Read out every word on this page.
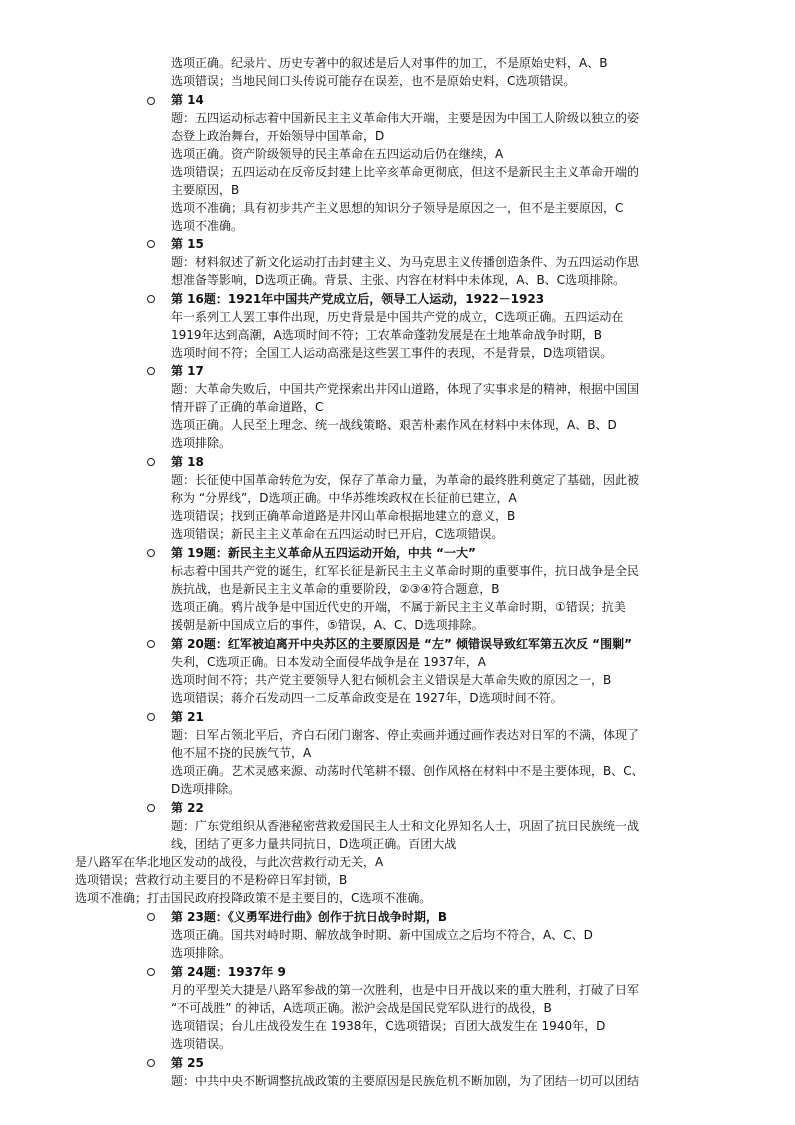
选项正确。纪录片、历史专著中的叙述是后人对事件的加工，不是原始史料，A、B
选项错误；当地民间口头传说可能存在误差，也不是原始史料，C选项错误。
第 14
题：五四运动标志着中国新民主主义革命伟大开端，主要是因为中国工人阶级以独立的姿
态登上政治舞台，开始领导中国革命，D
选项正确。资产阶级领导的民主革命在五四运动后仍在继续，A
选项错误；五四运动在反帝反封建上比辛亥革命更彻底，但这不是新民主主义革命开端的
主要原因，B
选项不准确；具有初步共产主义思想的知识分子领导是原因之一，但不是主要原因，C
选项不准确。
第 15
题：材料叙述了新文化运动打击封建主义、为马克思主义传播创造条件、为五四运动作思
想准备等影响，D选项正确。背景、主张、内容在材料中未体现，A、B、C选项排除。
第 16题：1921年中国共产党成立后，领导工人运动，1922－1923
年一系列工人罢工事件出现，历史背景是中国共产党的成立，C选项正确。五四运动在
1919年达到高潮，A选项时间不符；工农革命蓬勃发展是在土地革命战争时期，B
选项时间不符；全国工人运动高涨是这些罢工事件的表现，不是背景，D选项错误。
第 17
题：大革命失败后，中国共产党探索出井冈山道路，体现了实事求是的精神，根据中国国
情开辟了正确的革命道路，C
选项正确。人民至上理念、统一战线策略、艰苦朴素作风在材料中未体现，A、B、D
选项排除。
第 18
题：长征使中国革命转危为安，保存了革命力量，为革命的最终胜利奠定了基础，因此被
称为 “分界线”，D选项正确。中华苏维埃政权在长征前已建立，A
选项错误；找到正确革命道路是井冈山革命根据地建立的意义，B
选项错误；新民主主义革命在五四运动时已开启，C选项错误。
第 19题：新民主主义革命从五四运动开始，中共 “一大”
标志着中国共产党的诞生，红军长征是新民主主义革命时期的重要事件，抗日战争是全民
族抗战，也是新民主主义革命的重要阶段，②③④符合题意，B
选项正确。鸦片战争是中国近代史的开端，不属于新民主主义革命时期，①错误；抗美
援朝是新中国成立后的事件，⑤错误，A、C、D选项排除。
第 20题：红军被迫离开中央苏区的主要原因是 “左” 倾错误导致红军第五次反 “围剿”
失利，C选项正确。日本发动全面侵华战争是在 1937年，A
选项时间不符；共产党主要领导人犯右倾机会主义错误是大革命失败的原因之一，B
选项错误；蒋介石发动四一二反革命政变是在 1927年，D选项时间不符。
第 21
题：日军占领北平后，齐白石闭门谢客、停止卖画并通过画作表达对日军的不满，体现了
他不屈不挠的民族气节，A
选项正确。艺术灵感来源、动荡时代笔耕不辍、创作风格在材料中不是主要体现，B、C、
D选项排除。
第 22
题：广东党组织从香港秘密营救爱国民主人士和文化界知名人士，巩固了抗日民族统一战
线，团结了更多力量共同抗日，D选项正确。百团大战
是八路军在华北地区发动的战役，与此次营救行动无关，A
选项错误；营救行动主要目的不是粉碎日军封锁，B
选项不准确；打击国民政府投降政策不是主要目的，C选项不准确。
第 23题：《义勇军进行曲》创作于抗日战争时期，B
选项正确。国共对峙时期、解放战争时期、新中国成立之后均不符合，A、C、D
选项排除。
第 24题：1937年 9
月的平型关大捷是八路军参战的第一次胜利，也是中日开战以来的重大胜利，打破了日军
“不可战胜” 的神话，A选项正确。淞沪会战是国民党军队进行的战役，B
选项错误；台儿庄战役发生在 1938年，C选项错误；百团大战发生在 1940年，D
选项错误。
第 25
题：中共中央不断调整抗战政策的主要原因是民族危机不断加剧，为了团结一切可以团结
